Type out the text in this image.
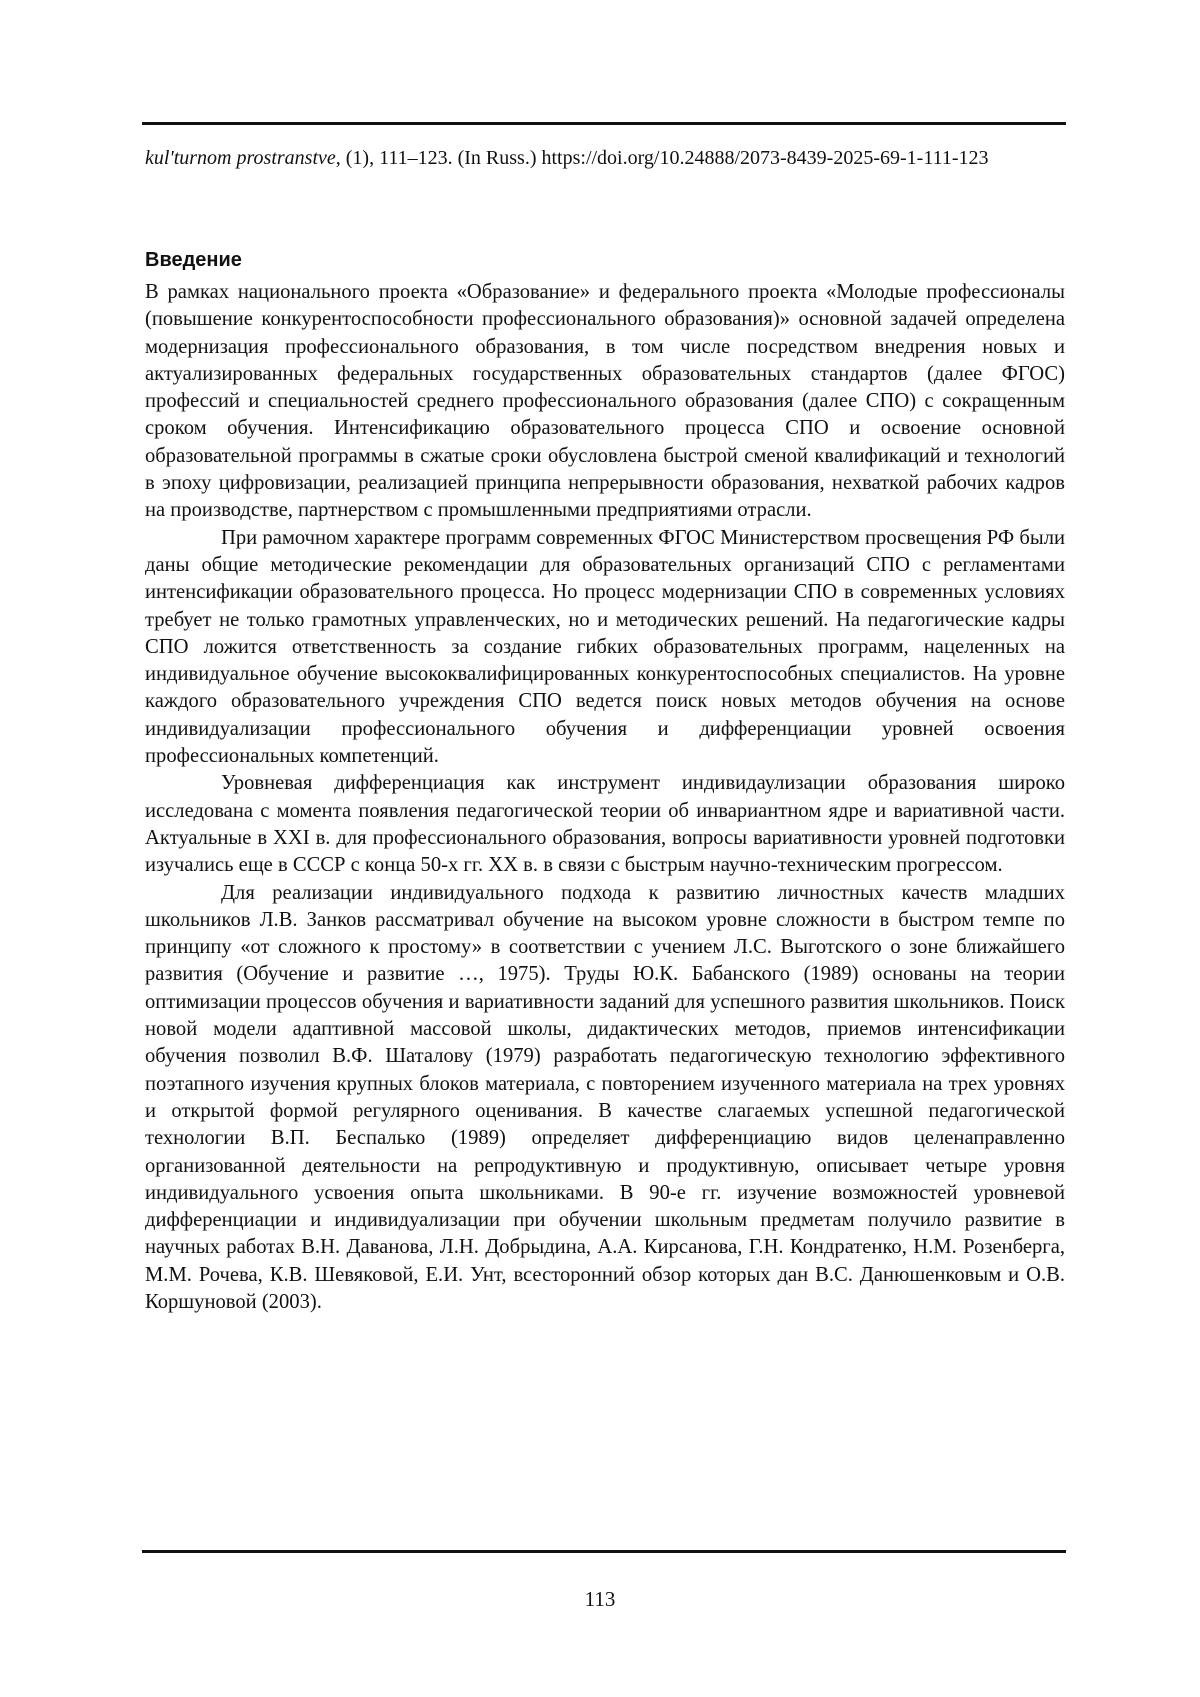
kul'turnom prostranstve, (1), 111–123. (In Russ.) https://doi.org/10.24888/2073-8439-2025-69-1-111-123
Введение

В рамках национального проекта «Образование» и федерального проекта «Молодые профессионалы (повышение конкурентоспособности профессионального образования)» основной задачей определена модернизация профессионального образования, в том числе посредством внедрения новых и актуализированных федеральных государственных образовательных стандартов (далее ФГОС) профессий и специальностей среднего профессионального образования (далее СПО) с сокращенным сроком обучения. Интенсификацию образовательного процесса СПО и освоение основной образовательной программы в сжатые сроки обусловлена быстрой сменой квалификаций и технологий в эпоху цифровизации, реализацией принципа непрерывности образования, нехваткой рабочих кадров на производстве, партнерством с промышленными предприятиями отрасли.

При рамочном характере программ современных ФГОС Министерством просвещения РФ были даны общие методические рекомендации для образовательных организаций СПО с регламентами интенсификации образовательного процесса. Но процесс модернизации СПО в современных условиях требует не только грамотных управленческих, но и методических решений. На педагогические кадры СПО ложится ответственность за создание гибких образовательных программ, нацеленных на индивидуальное обучение высококвалифицированных конкурентоспособных специалистов. На уровне каждого образовательного учреждения СПО ведется поиск новых методов обучения на основе индивидуализации профессионального обучения и дифференциации уровней освоения профессиональных компетенций.

Уровневая дифференциация как инструмент индивидаулизации образования широко исследована с момента появления педагогической теории об инвариантном ядре и вариативной части. Актуальные в XXI в. для профессионального образования, вопросы вариативности уровней подготовки изучались еще в СССР с конца 50-х гг. XX в. в связи с быстрым научно-техническим прогрессом.

Для реализации индивидуального подхода к развитию личностных качеств младших школьников Л.В. Занков рассматривал обучение на высоком уровне сложности в быстром темпе по принципу «от сложного к простому» в соответствии с учением Л.С. Выготского о зоне ближайшего развития (Обучение и развитие …, 1975). Труды Ю.К. Бабанского (1989) основаны на теории оптимизации процессов обучения и вариативности заданий для успешного развития школьников. Поиск новой модели адаптивной массовой школы, дидактических методов, приемов интенсификации обучения позволил В.Ф. Шаталову (1979) разработать педагогическую технологию эффективного поэтапного изучения крупных блоков материала, с повторением изученного материала на трех уровнях и открытой формой регулярного оценивания. В качестве слагаемых успешной педагогической технологии В.П. Беспалько (1989) определяет дифференциацию видов целенаправленно организованной деятельности на репродуктивную и продуктивную, описывает четыре уровня индивидуального усвоения опыта школьниками. В 90-е гг. изучение возможностей уровневой дифференциации и индивидуализации при обучении школьным предметам получило развитие в научных работах В.Н. Даванова, Л.Н. Добрыдина, А.А. Кирсанова, Г.Н. Кондратенко, Н.М. Розенберга, М.М. Рочева, К.В. Шевяковой, Е.И. Унт, всесторонний обзор которых дан В.С. Данюшенковым и О.В. Коршуновой (2003).

113
